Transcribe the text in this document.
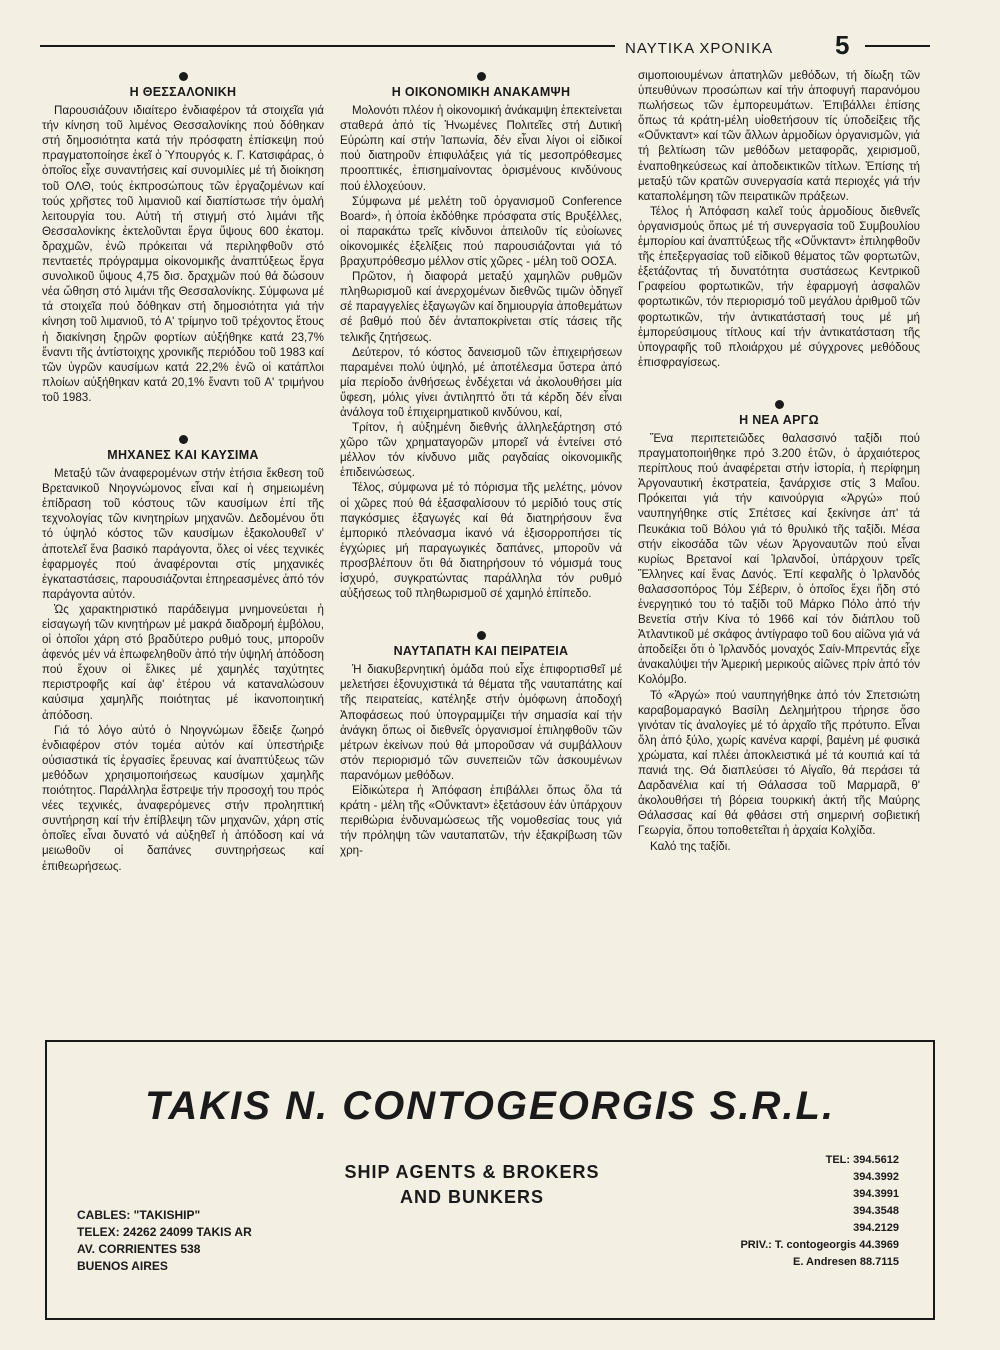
ΝΑΥΤΙΚΑ ΧΡΟΝΙΚΑ 5
Η ΘΕΣΣΑΛΟΝΙΚΗ

Παρουσιάζουν ιδιαίτερο ἐνδιαφέρον τά στοιχεῖα γιά τήν κίνηση τοῦ λιμένος Θεσσαλονίκης πού δόθηκαν στή δημοσιότητα κατά τήν πρόσφατη ἐπίσκεψη πού πραγματοποίησε ἐκεῖ ὁ Ὑπουργός κ. Γ. Κατσιφάρας, ὁ ὁποῖος εἶχε συναντήσεις καί συνομιλίες μέ τή διοίκηση τοῦ ΟΛΘ, τούς ἐκπροσώπους τῶν ἐργαζομένων καί τούς χρῆστες τοῦ λιμανιοῦ καί διαπίστωσε τήν ὁμαλή λειτουργία του. Αὐτή τή στιγμή στό λιμάνι τῆς Θεσσαλονίκης ἐκτελοῦνται ἔργα ὕψους 600 ἑκατομ. δραχμῶν, ἐνῶ πρόκειται νά περιληφθοῦν στό πενταετές πρόγραμμα οἰκονομικῆς ἀναπτύξεως ἔργα συνολικοῦ ὕψους 4,75 δισ. δραχμῶν πού θά δώσουν νέα ὤθηση στό λιμάνι τῆς Θεσσαλονίκης. Σύμφωνα μέ τά στοιχεῖα πού δόθηκαν στή δημοσιότητα γιά τήν κίνηση τοῦ λιμανιοῦ, τό Α' τρίμηνο τοῦ τρέχοντος ἔτους ἡ διακίνηση ξηρῶν φορτίων αὐξήθηκε κατά 23,7% ἔναντι τῆς ἀντίστοιχης χρονικῆς περιόδου τοῦ 1983 καί τῶν ὑγρῶν καυσίμων κατά 22,2% ἐνῶ οἱ κατάπλοι πλοίων αὐξήθηκαν κατά 20,1% ἔναντι τοῦ Α' τριμήνου τοῦ 1983.

ΜΗΧΑΝΕΣ ΚΑΙ ΚΑΥΣΙΜΑ

Μεταξύ τῶν ἀναφερομένων στήν ἐτήσια ἔκθεση τοῦ Βρετανικοῦ Νηογνώμονος εἶναι καί ἡ σημειωμένη ἐπίδραση τοῦ κόστους τῶν καυσίμων ἐπί τῆς τεχνολογίας τῶν κινητηρίων μηχανῶν. Δεδομένου ὅτι τό ὑψηλό κόστος τῶν καυσίμων ἐξακολουθεῖ ν' ἀποτελεῖ ἕνα βασικό παράγοντα, ὅλες οἱ νέες τεχνικές ἐφαρμογές πού ἀναφέρονται στίς μηχανικές ἐγκαταστάσεις, παρουσιάζονται ἐπηρεασμένες ἀπό τόν παράγοντα αὐτόν.

Ὡς χαρακτηριστικό παράδειγμα μνημονεύεται ἡ εἰσαγωγή τῶν κινητήρων μέ μακρά διαδρομή ἐμβόλου, οἱ ὁποῖοι χάρη στό βραδύτερο ρυθμό τους, μποροῦν ἀφενός μέν νά ἐπωφεληθοῦν ἀπό τήν ὑψηλή ἀπόδοση πού ἔχουν οἱ ἕλικες μέ χαμηλές ταχύτητες περιστροφῆς καί ἀφ' ἑτέρου νά καταναλώσουν καύσιμα χαμηλῆς ποιότητας μέ ἱκανοποιητική ἀπόδοση.

Γιά τό λόγο αὐτό ὁ Νηογνώμων ἔδειξε ζωηρό ἐνδιαφέρον στόν τομέα αὐτόν καί ὑπεστήριξε οὐσιαστικά τίς ἐργασίες ἔρευνας καί ἀναπτύξεως τῶν μεθόδων χρησιμοποιήσεως καυσίμων χαμηλῆς ποιότητος. Παράλληλα ἔστρεψε τήν προσοχή του πρός νέες τεχνικές, ἀναφερόμενες στήν προληπτική συντήρηση καί τήν ἐπίβλεψη τῶν μηχανῶν, χάρη στίς ὁποῖες εἶναι δυνατό νά αὐξηθεῖ ἡ ἀπόδοση καί νά μειωθοῦν οἱ δαπάνες συντηρήσεως καί ἐπιθεωρήσεως.

Η ΟΙΚΟΝΟΜΙΚΗ ΑΝΑΚΑΜΨΗ

Μολονότι πλέον ἡ οἰκονομική ἀνάκαμψη ἐπεκτείνεται σταθερά ἀπό τίς Ἡνωμένες Πολιτεῖες στή Δυτική Εὐρώπη καί στήν Ἰαπωνία, δέν εἶναι λίγοι οἱ εἰδικοί πού διατηροῦν ἐπιφυλάξεις γιά τίς μεσοπρόθεσμες προοπτικές, ἐπισημαίνοντας ὁρισμένους κινδύνους πού ἐλλοχεύουν.

Σύμφωνα μέ μελέτη τοῦ ὀργανισμοῦ Conference Board», ἡ ὁποία ἐκδόθηκε πρόσφατα στίς Βρυξέλλες, οἱ παρακάτω τρεῖς κίνδυνοι ἀπειλοῦν τίς εὐοίωνες οἰκονομικές ἐξελίξεις πού παρουσιάζονται γιά τό βραχυπρόθεσμο μέλλον στίς χῶρες - μέλη τοῦ ΟΟΣΑ.

Πρῶτον, ἡ διαφορά μεταξύ χαμηλῶν ρυθμῶν πληθωρισμοῦ καί ἀνερχομένων διεθνῶς τιμῶν ὁδηγεῖ σέ παραγγελίες ἐξαγωγῶν καί δημιουργία ἀποθεμάτων σέ βαθμό πού δέν ἀνταποκρίνεται στίς τάσεις τῆς τελικῆς ζητήσεως.

Δεύτερον, τό κόστος δανεισμοῦ τῶν ἐπιχειρήσεων παραμένει πολύ ὑψηλό, μέ ἀποτέλεσμα ὕστερα ἀπό μία περίοδο ἀνθήσεως ἐνδέχεται νά ἀκολουθήσει μία ὕφεση, μόλις γίνει ἀντιληπτό ὅτι τά κέρδη δέν εἶναι ἀνάλογα τοῦ ἐπιχειρηματικοῦ κινδύνου, καί,

Τρίτον, ἡ αὐξημένη διεθνής ἀλληλεξάρτηση στό χῶρο τῶν χρηματαγορῶν μπορεῖ νά ἐντείνει στό μέλλον τόν κίνδυνο μιᾶς ραγδαίας οἰκονομικῆς ἐπιδεινώσεως.

Τέλος, σύμφωνα μέ τό πόρισμα τῆς μελέτης, μόνον οἱ χῶρες πού θά ἐξασφαλίσουν τό μερίδιό τους στίς παγκόσμιες ἐξαγωγές καί θά διατηρήσουν ἕνα ἐμπορικό πλεόνασμα ἱκανό νά ἐξισορροπήσει τίς ἐγχώριες μή παραγωγικές δαπάνες, μποροῦν νά προσβλέπουν ὅτι θά διατηρήσουν τό νόμισμά τους ἰσχυρό, συγκρατώντας παράλληλα τόν ρυθμό αὐξήσεως τοῦ πληθωρισμοῦ σέ χαμηλό ἐπίπεδο.

ΝΑΥΤΑΠΑΤΗ ΚΑΙ ΠΕΙΡΑΤΕΙΑ

Ἡ διακυβερνητική ὁμάδα πού εἶχε ἐπιφορτισθεῖ μέ μελετήσει ἐξονυχιστικά τά θέματα τῆς ναυταπάτης καί τῆς πειρατείας, κατέληξε στήν ὁμόφωνη ἀποδοχή Ἀποφάσεως πού ὑπογραμμίζει τήν σημασία καί τήν ἀνάγκη ὅπως οἱ διεθνεῖς ὀργανισμοί ἐπιληφθοῦν τῶν μέτρων ἐκείνων πού θά μποροῦσαν νά συμβάλλουν στόν περιορισμό τῶν συνεπειῶν τῶν ἀσκουμένων παρανόμων μεθόδων.

Εἰδικώτερα ἡ Ἀπόφαση ἐπιβάλλει ὅπως ὅλα τά κράτη - μέλη τῆς «Οὔνκταντ» ἐξετάσουν ἐάν ὑπάρχουν περιθώρια ἐνδυναμώσεως τῆς νομοθεσίας τους γιά τήν πρόληψη τῶν ναυταπατῶν, τήν ἐξακρίβωση τῶν χρη-

σιμοποιουμένων ἀπατηλῶν μεθόδων, τή δίωξη τῶν ὑπευθύνων προσώπων καί τήν ἀποφυγή παρανόμου πωλήσεως τῶν ἐμπορευμάτων. Ἐπιβάλλει ἐπίσης ὅπως τά κράτη-μέλη υἱοθετήσουν τίς ὑποδείξεις τῆς «Οὔνκταντ» καί τῶν ἄλλων ἁρμοδίων ὀργανισμῶν, γιά τή βελτίωση τῶν μεθόδων μεταφορᾶς, χειρισμοῦ, ἐναποθηκεύσεως καί ἀποδεικτικῶν τίτλων. Ἐπίσης τή μεταξύ τῶν κρατῶν συνεργασία κατά περιοχές γιά τήν καταπολέμηση τῶν πειρατικῶν πράξεων.

Τέλος ἡ Ἀπόφαση καλεῖ τούς ἁρμοδίους διεθνεῖς ὀργανισμούς ὅπως μέ τή συνεργασία τοῦ Συμβουλίου ἐμπορίου καί ἀναπτύξεως τῆς «Οὔνκταντ» ἐπιληφθοῦν τῆς ἐπεξεργασίας τοῦ εἰδικοῦ θέματος τῶν φορτωτῶν, ἐξετάζοντας τή δυνατότητα συστάσεως Κεντρικοῦ Γραφείου φορτωτικῶν, τήν ἐφαρμογή ἀσφαλῶν φορτωτικῶν, τόν περιορισμό τοῦ μεγάλου ἀριθμοῦ τῶν φορτωτικῶν, τήν ἀντικατάστασή τους μέ μή ἐμπορεύσιμους τίτλους καί τήν ἀντικατάσταση τῆς ὑπογραφῆς τοῦ πλοιάρχου μέ σύγχρονες μεθόδους ἐπισφραγίσεως.

Η ΝΕΑ ΑΡΓΩ

Ἕνα περιπετειῶδες θαλασσινό ταξίδι πού πραγματοποιήθηκε πρό 3.200 ἐτῶν, ὁ ἀρχαιότερος περίπλους πού ἀναφέρεται στήν ἱστορία, ἡ περίφημη Ἀργοναυτική ἐκστρατεία, ξανάρχισε στίς 3 Μαΐου. Πρόκειται γιά τήν καινούργια «Ἀργώ» πού ναυπηγήθηκε στίς Σπέτσες καί ξεκίνησε ἀπ' τά Πευκάκια τοῦ Βόλου γιά τό θρυλικό τῆς ταξίδι. Μέσα στήν εἰκοσάδα τῶν νέων Ἀργοναυτῶν πού εἶναι κυρίως Βρετανοί καί Ἰρλανδοί, ὑπάρχουν τρεῖς Ἕλληνες καί ἕνας Δανός. Ἐπί κεφαλῆς ὁ Ἰρλανδός θαλασσοπόρος Τόμ Σέβεριν, ὁ ὁποῖος ἔχει ἤδη στό ἐνεργητικό του τό ταξίδι τοῦ Μάρκο Πόλο ἀπό τήν Βενετία στήν Κίνα τό 1966 καί τόν διάπλου τοῦ Ἀτλαντικοῦ μέ σκάφος ἀντίγραφο τοῦ 6ου αἰῶνα γιά νά ἀποδείξει ὅτι ὁ Ἰρλανδός μοναχός Σαίν-Μπρεντάς εἶχε ἀνακαλύψει τήν Ἀμερική μερικούς αἰῶνες πρίν ἀπό τόν Κολόμβο.

Τό «Ἀργώ» πού ναυπηγήθηκε ἀπό τόν Σπετσιώτη καραβομαραγκό Βασίλη Δελημήτρου τήρησε ὅσο γινόταν τίς ἀναλογίες μέ τό ἀρχαῖο τῆς πρότυπο. Εἶναι ὅλη ἀπό ξύλο, χωρίς κανένα καρφί, βαμένη μέ φυσικά χρώματα, καί πλέει ἀποκλειστικά μέ τά κουπιά καί τά πανιά της. Θά διαπλεύσει τό Αἰγαῖο, θά περάσει τά Δαρδανέλια καί τή Θάλασσα τοῦ Μαρμαρᾶ, θ' ἀκολουθήσει τή βόρεια τουρκική ἀκτή τῆς Μαύρης Θάλασσας καί θά φθάσει στή σημερινή σοβιετική Γεωργία, ὅπου τοποθετεῖται ἡ ἀρχαία Κολχίδα.

Καλό της ταξίδι.

TAKIS N. CONTOGEORGIS S.R.L.
SHIP AGENTS & BROKERS
AND BUNKERS
CABLES: "TAKISHIP"
TELEX: 24262 24099 TAKIS AR
AV. CORRIENTES 538
BUENOS AIRES
TEL: 394.5612
394.3992
394.3991
394.3548
394.2129
PRIV.: T. contogeorgis 44.3969
E. Andresen 88.7115
